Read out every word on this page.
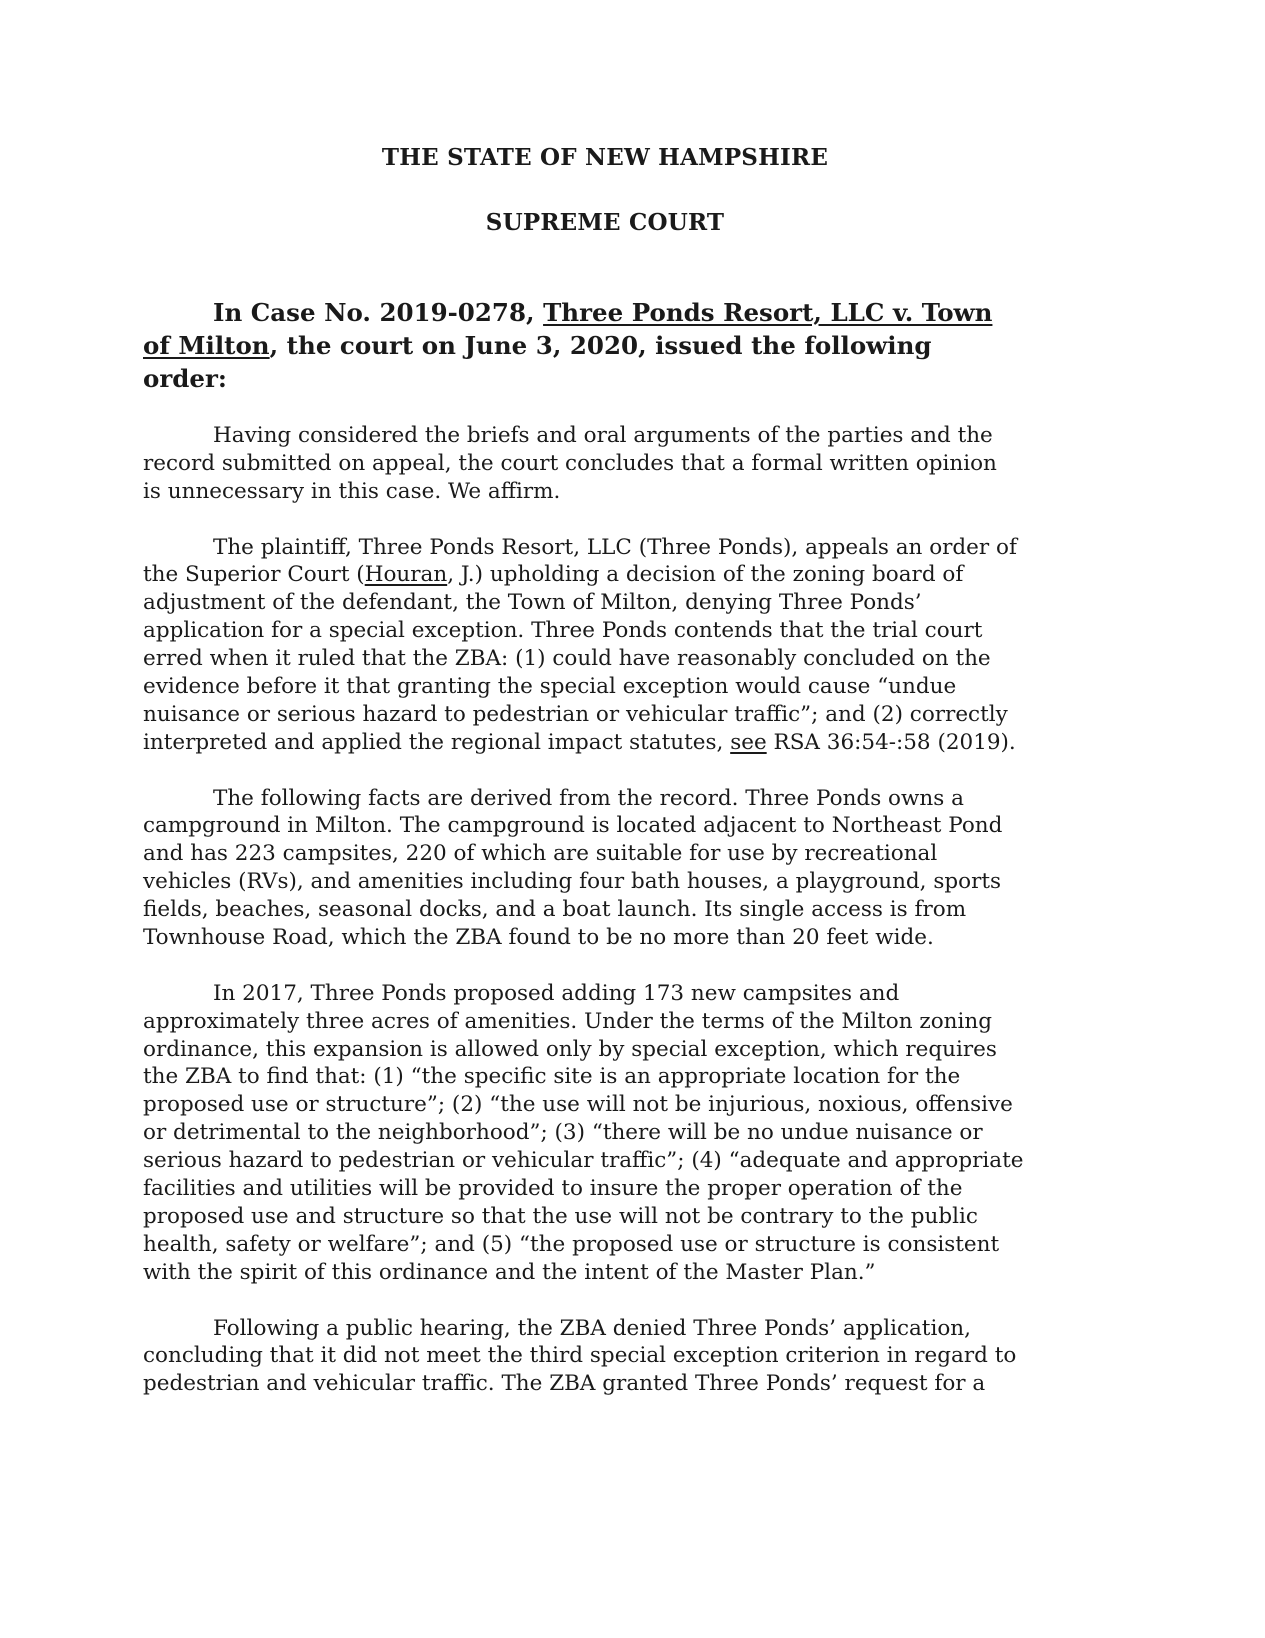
THE STATE OF NEW HAMPSHIRE
SUPREME COURT
In Case No. 2019-0278, Three Ponds Resort, LLC v. Town
of Milton, the court on June 3, 2020, issued the following
order:
Having considered the briefs and oral arguments of the parties and the
record submitted on appeal, the court concludes that a formal written opinion
is unnecessary in this case. We affirm.
The plaintiff, Three Ponds Resort, LLC (Three Ponds), appeals an order of
the Superior Court (Houran, J.) upholding a decision of the zoning board of
adjustment of the defendant, the Town of Milton, denying Three Ponds’
application for a special exception. Three Ponds contends that the trial court
erred when it ruled that the ZBA: (1) could have reasonably concluded on the
evidence before it that granting the special exception would cause “undue
nuisance or serious hazard to pedestrian or vehicular traffic”; and (2) correctly
interpreted and applied the regional impact statutes, see RSA 36:54-:58 (2019).
The following facts are derived from the record. Three Ponds owns a
campground in Milton. The campground is located adjacent to Northeast Pond
and has 223 campsites, 220 of which are suitable for use by recreational
vehicles (RVs), and amenities including four bath houses, a playground, sports
fields, beaches, seasonal docks, and a boat launch. Its single access is from
Townhouse Road, which the ZBA found to be no more than 20 feet wide.
In 2017, Three Ponds proposed adding 173 new campsites and
approximately three acres of amenities. Under the terms of the Milton zoning
ordinance, this expansion is allowed only by special exception, which requires
the ZBA to find that: (1) “the specific site is an appropriate location for the
proposed use or structure”; (2) “the use will not be injurious, noxious, offensive
or detrimental to the neighborhood”; (3) “there will be no undue nuisance or
serious hazard to pedestrian or vehicular traffic”; (4) “adequate and appropriate
facilities and utilities will be provided to insure the proper operation of the
proposed use and structure so that the use will not be contrary to the public
health, safety or welfare”; and (5) “the proposed use or structure is consistent
with the spirit of this ordinance and the intent of the Master Plan.”
Following a public hearing, the ZBA denied Three Ponds’ application,
concluding that it did not meet the third special exception criterion in regard to
pedestrian and vehicular traffic. The ZBA granted Three Ponds’ request for a
